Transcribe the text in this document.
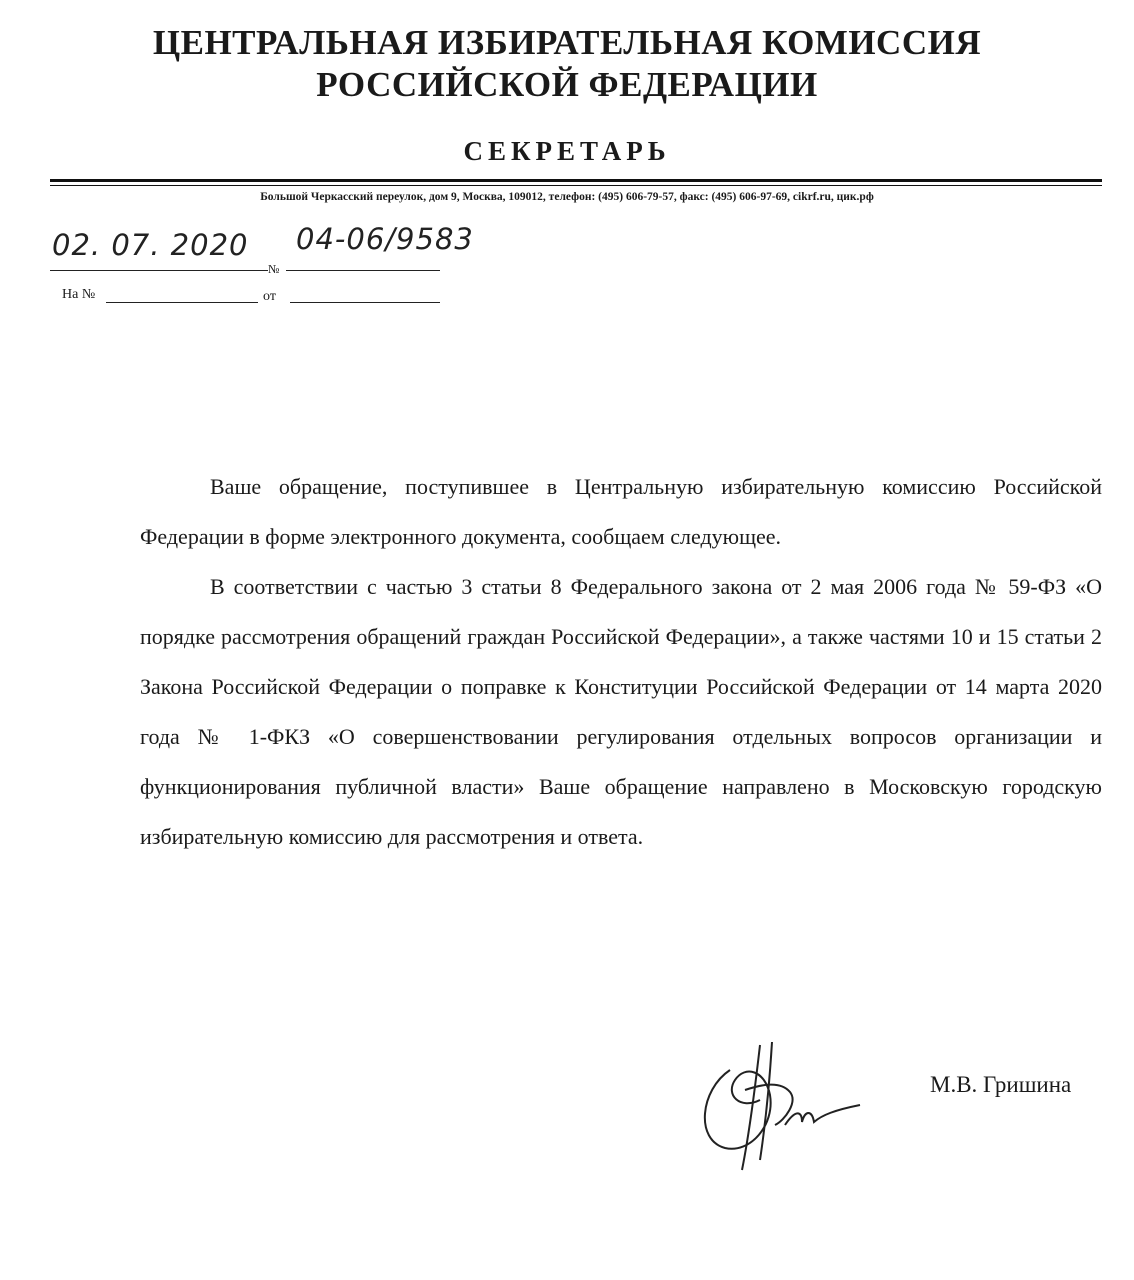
ЦЕНТРАЛЬНАЯ ИЗБИРАТЕЛЬНАЯ КОМИССИЯ
РОССИЙСКОЙ ФЕДЕРАЦИИ
СЕКРЕТАРЬ
Большой Черкасский переулок, дом 9, Москва, 109012, телефон: (495) 606-79-57, факс: (495) 606-97-69, cikrf.ru, цик.рф
02. 07. 2020
№
04-06/9583
На №	от

Ваше обращение, поступившее в Центральную избирательную комиссию Российской Федерации в форме электронного документа, сообщаем следующее.

В соответствии с частью 3 статьи 8 Федерального закона от 2 мая 2006 года № 59-ФЗ «О порядке рассмотрения обращений граждан Российской Федерации», а также частями 10 и 15 статьи 2 Закона Российской Федерации о поправке к Конституции Российской Федерации от 14 марта 2020 года № 1-ФКЗ «О совершенствовании регулирования отдельных вопросов организации и функционирования публичной власти» Ваше обращение направлено в Московскую городскую избирательную комиссию для рассмотрения и ответа.

М.В. Гришина
